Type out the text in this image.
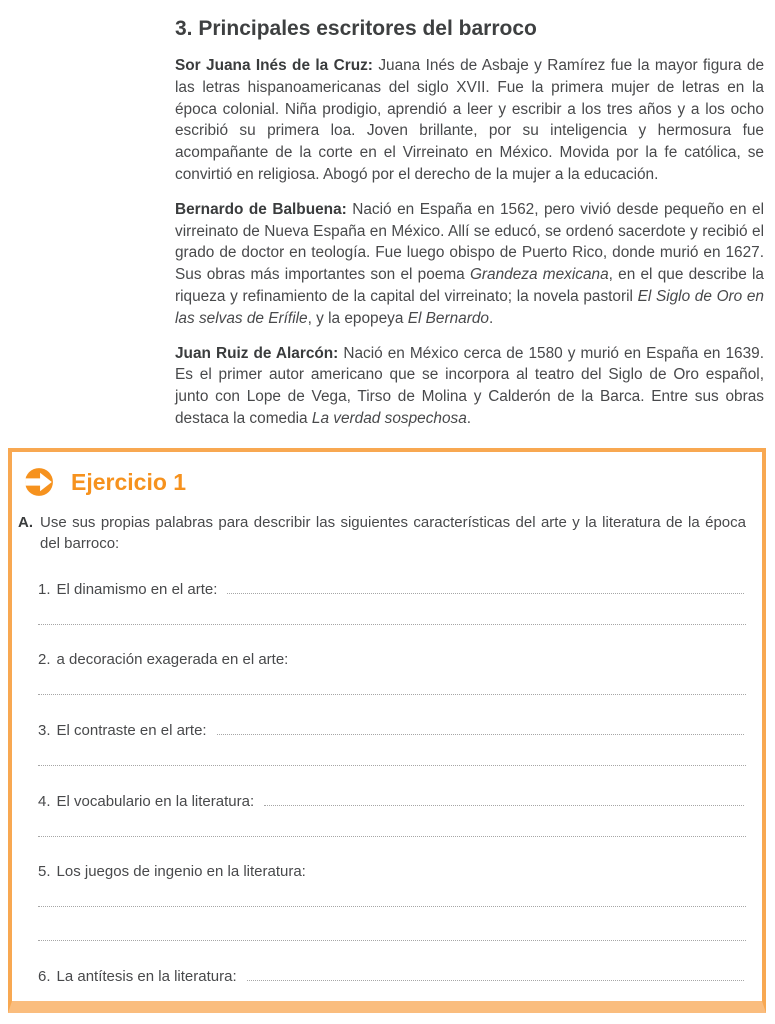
3. Principales escritores del barroco

Sor Juana Inés de la Cruz: Juana Inés de Asbaje y Ramírez fue la mayor figura de las letras hispanoamericanas del siglo XVII. Fue la primera mujer de letras en la época colonial. Niña prodigio, aprendió a leer y escribir a los tres años y a los ocho escribió su primera loa. Joven brillante, por su inteligencia y hermosura fue acompañante de la corte en el Virreinato en México. Movida por la fe católica, se convirtió en religiosa. Abogó por el derecho de la mujer a la educación.

Bernardo de Balbuena: Nació en España en 1562, pero vivió desde pequeño en el virreinato de Nueva España en México. Allí se educó, se ordenó sacerdote y recibió el grado de doctor en teología. Fue luego obispo de Puerto Rico, donde murió en 1627. Sus obras más importantes son el poema Grandeza mexicana, en el que describe la riqueza y refinamiento de la capital del virreinato; la novela pastoril El Siglo de Oro en las selvas de Erífile, y la epopeya El Bernardo.

Juan Ruiz de Alarcón: Nació en México cerca de 1580 y murió en España en 1639. Es el primer autor americano que se incorpora al teatro del Siglo de Oro español, junto con Lope de Vega, Tirso de Molina y Calderón de la Barca. Entre sus obras destaca la comedia La verdad sospechosa.

Ejercicio 1
A. Use sus propias palabras para describir las siguientes características del arte y la literatura de la época del barroco:
1. El dinamismo en el arte:
2. a decoración exagerada en el arte:
3. El contraste en el arte:
4. El vocabulario en la literatura:
5. Los juegos de ingenio en la literatura:
6. La antítesis en la literatura:
